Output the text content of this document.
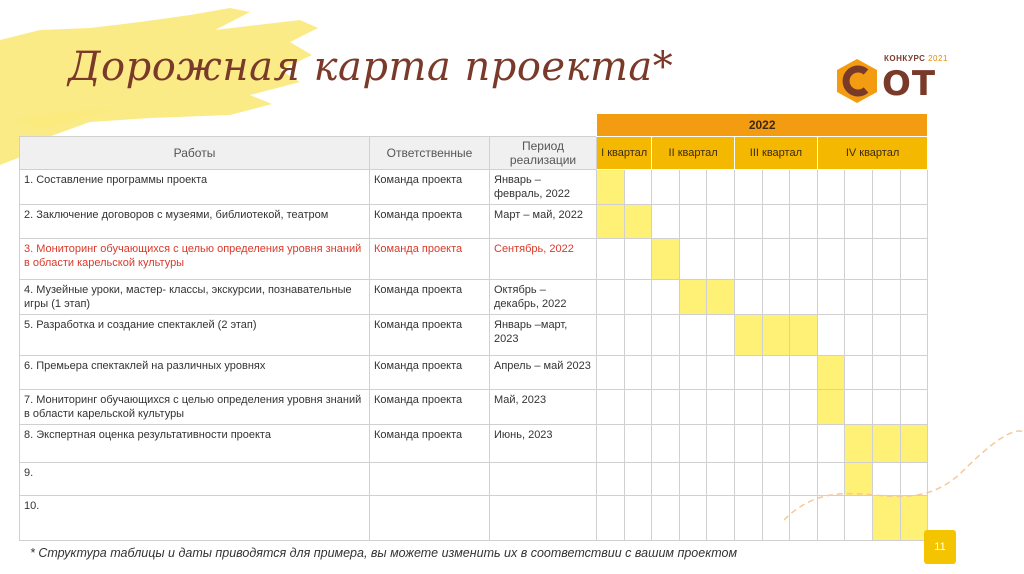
Дорожная карта проекта*	КОНКУРС 2021
ОТ
			2022											
Работы	Ответственные	Период реализации	I квартал		II квартал			III квартал			IV квартал			
1. Составление программы проекта	Команда проекта	Январь – февраль, 2022												
2. Заключение договоров с музеями, библиотекой, театром	Команда проекта	Март – май, 2022												
3. Мониторинг обучающихся с целью определения уровня знаний в области карельской культуры	Команда проекта	Сентябрь, 2022												
4. Музейные уроки, мастер- классы, экскурсии, познавательные игры (1 этап)	Команда проекта	Октябрь – декабрь, 2022												
5. Разработка и создание спектаклей (2 этап)	Команда проекта	Январь –март, 2023												
6. Премьера спектаклей на различных уровнях	Команда проекта	Апрель – май 2023												
7. Мониторинг обучающихся с целью определения уровня знаний в области карельской культуры	Команда проекта	Май, 2023												
8. Экспертная оценка результативности проекта	Команда проекта	Июнь, 2023												
9.														
10.														
* Структура таблицы и даты приводятся для примера, вы можете изменить их в соответствии с вашим проектом	11
